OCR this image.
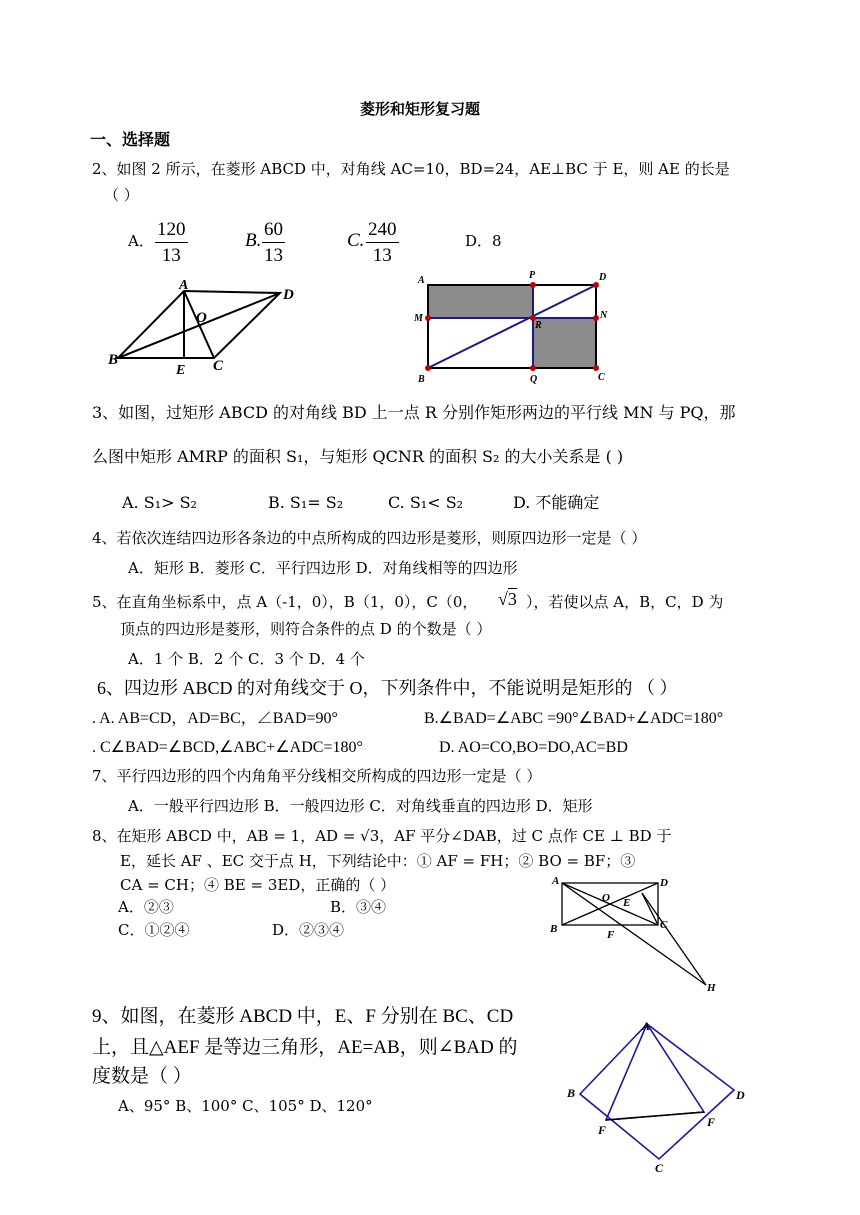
菱形和矩形复习题
一、选择题
2、如图 2 所示，在菱形 ABCD 中，对角线 AC=10，BD=24，AE⊥BC 于 E，则 AE 的长是
（ ）
A． $\frac{120}{13}$	B. $\frac{60}{13}$	C. $\frac{240}{13}$	D．8
A
D
O
B
E C
A	P	D
M
R
N
B	Q	C
3、如图，过矩形 ABCD 的对角线 BD 上一点 R 分别作矩形两边的平行线 MN 与 PQ，那
么图中矩形 AMRP 的面积 S₁，与矩形 QCNR 的面积 S₂ 的大小关系是 ( )
A. S₁> S₂	B. S₁= S₂	C. S₁< S₂	D. 不能确定
4、若依次连结四边形各条边的中点所构成的四边形是菱形，则原四边形一定是（ ）
A．矩形 B．菱形 C．平行四边形 D．对角线相等的四边形
5、在直角坐标系中，点 A（-1，0），B（1，0），C（0， √3 ），若使以点 A，B，C，D 为
顶点的四边形是菱形，则符合条件的点 D 的个数是（ ）
A．1 个 B．2 个 C．3 个 D．4 个
6、四边形 ABCD 的对角线交于 O，下列条件中，不能说明是矩形的 （ ）
. A. AB=CD，AD=BC，∠BAD=90°	B.∠BAD=∠ABC =90°∠BAD+∠ADC=180°
. C∠BAD=∠BCD,∠ABC+∠ADC=180°	D. AO=CO,BO=DO,AC=BD
7、平行四边形的四个内角角平分线相交所构成的四边形一定是（ ）
A．一般平行四边形 B．一般四边形 C．对角线垂直的四边形 D．矩形
8、在矩形 ABCD 中，AB = 1，AD = √3，AF 平分∠DAB，过 C 点作 CE ⊥ BD 于
E，延长 AF 、EC 交于点 H，下列结论中：① AF = FH；② BO = BF；③
CA = CH；④ BE = 3ED，正确的（ ）
A．②③	B．③④
C．①②④	D．②③④
A	D
O E
C
B	F
H
9、如图，在菱形 ABCD 中，E、F 分别在 BC、CD
上，且△AEF 是等边三角形，AE=AB，则∠BAD 的
度数是（ ）
A、95° B、100° C、105° D、120°
A
B	D
F
F
C
